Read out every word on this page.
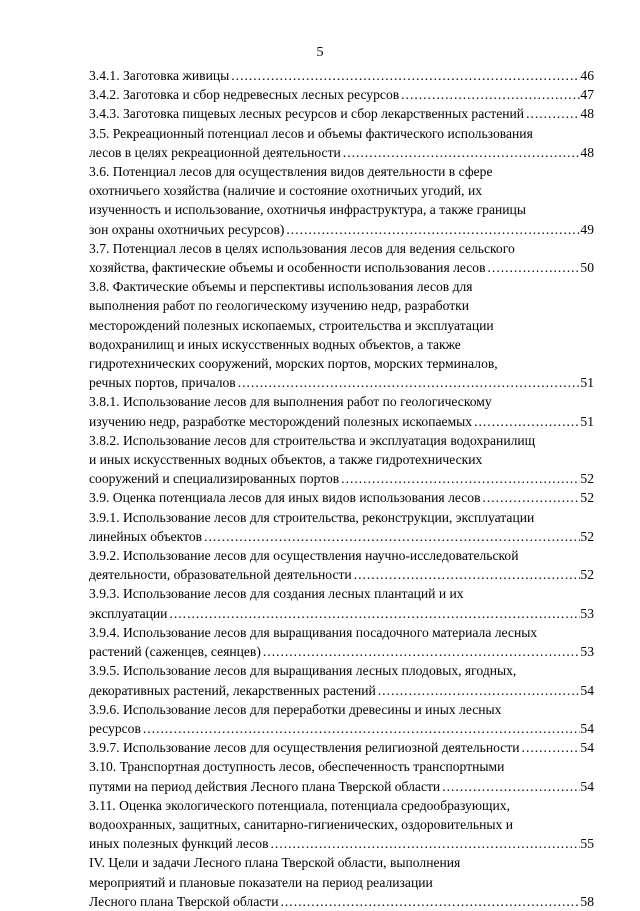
5
3.4.1. Заготовка живицы .....	46
3.4.2. Заготовка и сбор недревесных лесных ресурсов .....	47
3.4.3. Заготовка пищевых лесных ресурсов и сбор лекарственных растений .....	48
3.5. Рекреационный потенциал лесов и объемы фактического использования
лесов в целях рекреационной деятельности .....	48
3.6. Потенциал лесов для осуществления видов деятельности в сфере
охотничьего хозяйства (наличие и состояние охотничьих угодий, их
изученность и использование, охотничья инфраструктура, а также границы
зон охраны охотничьих ресурсов) .....	49
3.7. Потенциал лесов в целях использования лесов для ведения сельского
хозяйства, фактические объемы и особенности использования лесов .....	50
3.8. Фактические объемы и перспективы использования лесов для
выполнения работ по геологическому изучению недр, разработки
месторождений полезных ископаемых, строительства и эксплуатации
водохранилищ и иных искусственных водных объектов, а также
гидротехнических сооружений, морских портов, морских терминалов,
речных портов, причалов .....	51
3.8.1. Использование лесов для выполнения работ по геологическому
изучению недр, разработке месторождений полезных ископаемых .....	51
3.8.2. Использование лесов для строительства и эксплуатация водохранилищ
и иных искусственных водных объектов, а также гидротехнических
сооружений и специализированных портов .....	52
3.9. Оценка потенциала лесов для иных видов использования лесов .....	52
3.9.1. Использование лесов для строительства, реконструкции, эксплуатации
линейных объектов .....	52
3.9.2. Использование лесов для осуществления научно-исследовательской
деятельности, образовательной деятельности .....	52
3.9.3. Использование лесов для создания лесных плантаций и их
эксплуатации .....	53
3.9.4. Использование лесов для выращивания посадочного материала лесных
растений (саженцев, сеянцев) .....	53
3.9.5. Использование лесов для выращивания лесных плодовых, ягодных,
декоративных растений, лекарственных растений .....	54
3.9.6. Использование лесов для переработки древесины и иных лесных
ресурсов .....	54
3.9.7. Использование лесов для осуществления религиозной деятельности .....	54
3.10. Транспортная доступность лесов, обеспеченность транспортными
путями на период действия Лесного плана Тверской области .....	54
3.11. Оценка экологического потенциала, потенциала средообразующих,
водоохранных, защитных, санитарно-гигиенических, оздоровительных и
иных полезных функций лесов .....	55
IV. Цели и задачи Лесного плана Тверской области, выполнения
мероприятий и плановые показатели на период реализации
Лесного плана Тверской области .....	58
